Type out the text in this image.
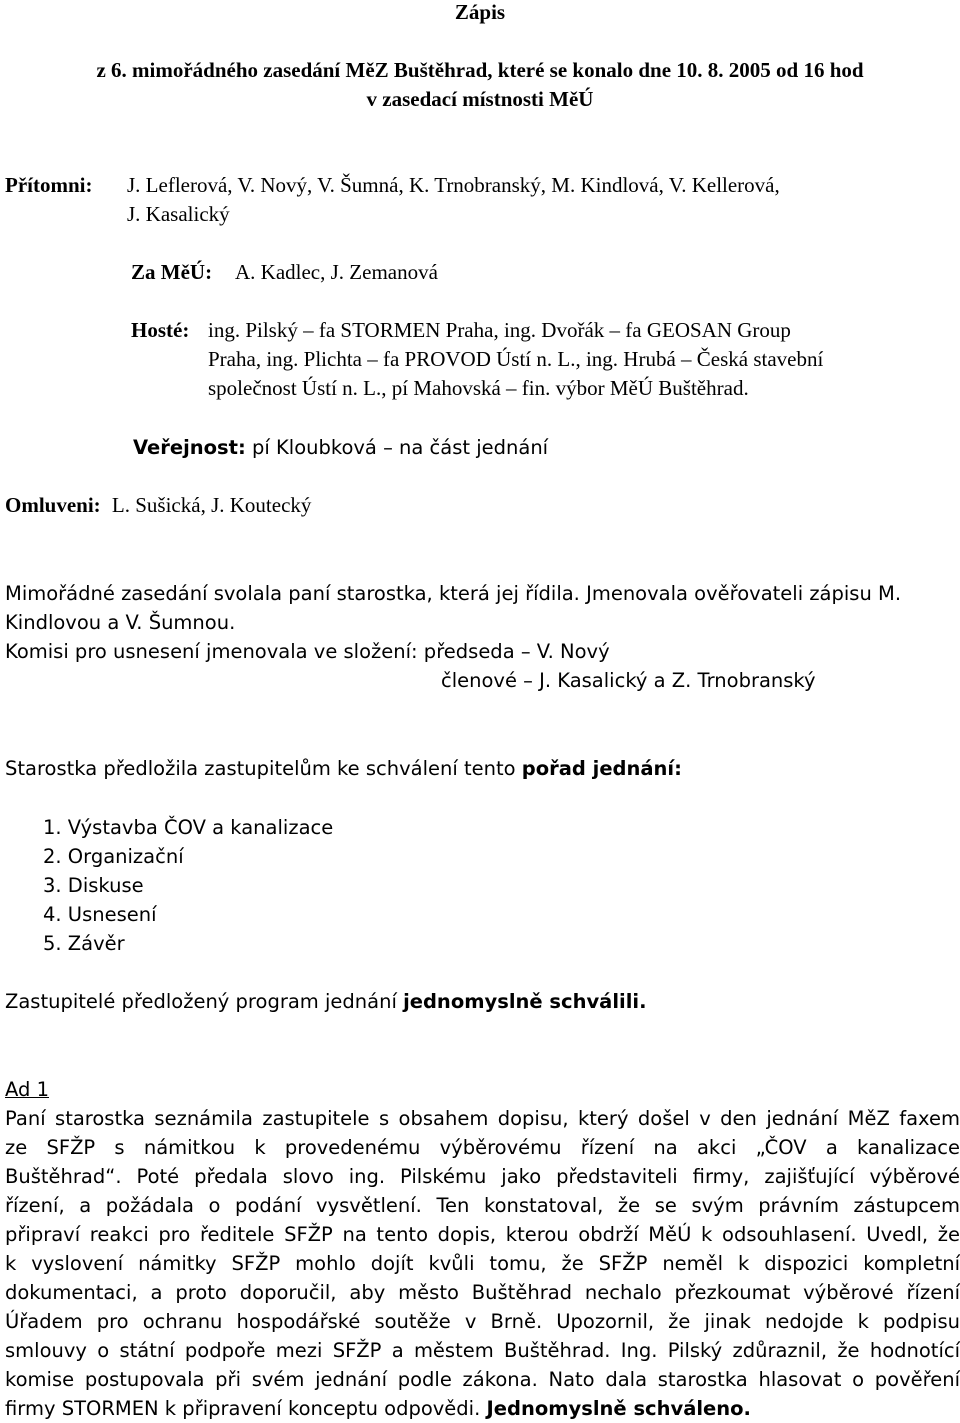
Zápis
z 6. mimořádného zasedání MěZ Buštěhrad, které se konalo dne 10. 8. 2005 od 16 hod
v zasedací místnosti MěÚ
Přítomni: J. Leflerová, V. Nový, V. Šumná, K. Trnobranský, M. Kindlová, V. Kellerová,
J. Kasalický
Za MěÚ: A. Kadlec, J. Zemanová
Hosté: ing. Pilský – fa STORMEN Praha, ing. Dvořák – fa GEOSAN Group
Praha, ing. Plichta – fa PROVOD Ústí n. L., ing. Hrubá – Česká stavební
společnost Ústí n. L., pí Mahovská – fin. výbor MěÚ Buštěhrad.
Veřejnost: pí Kloubková – na část jednání
Omluveni: L. Sušická, J. Koutecký
Mimořádné zasedání svolala paní starostka, která jej řídila. Jmenovala ověřovateli zápisu M.
Kindlovou a V. Šumnou.
Komisi pro usnesení jmenovala ve složení: předseda – V. Nový
členové – J. Kasalický a Z. Trnobranský
Starostka předložila zastupitelům ke schválení tento pořad jednání:
1. Výstavba ČOV a kanalizace
2. Organizační
3. Diskuse
4. Usnesení
5. Závěr
Zastupitelé předložený program jednání jednomyslně schválili.
Ad 1
Paní starostka seznámila zastupitele s obsahem dopisu, který došel v den jednání MěZ faxem
ze SFŽP s námitkou k provedenému výběrovému řízení na akci „ČOV a kanalizace
Buštěhrad“. Poté předala slovo ing. Pilskému jako představiteli firmy, zajišťující výběrové
řízení, a požádala o podání vysvětlení. Ten konstatoval, že se svým právním zástupcem
připraví reakci pro ředitele SFŽP na tento dopis, kterou obdrží MěÚ k odsouhlasení. Uvedl, že
k vyslovení námitky SFŽP mohlo dojít kvůli tomu, že SFŽP neměl k dispozici kompletní
dokumentaci, a proto doporučil, aby město Buštěhrad nechalo přezkoumat výběrové řízení
Úřadem pro ochranu hospodářské soutěže v Brně. Upozornil, že jinak nedojde k podpisu
smlouvy o státní podpoře mezi SFŽP a městem Buštěhrad. Ing. Pilský zdůraznil, že hodnotící
komise postupovala při svém jednání podle zákona. Nato dala starostka hlasovat o pověření
firmy STORMEN k připravení konceptu odpovědi. Jednomyslně schváleno.
